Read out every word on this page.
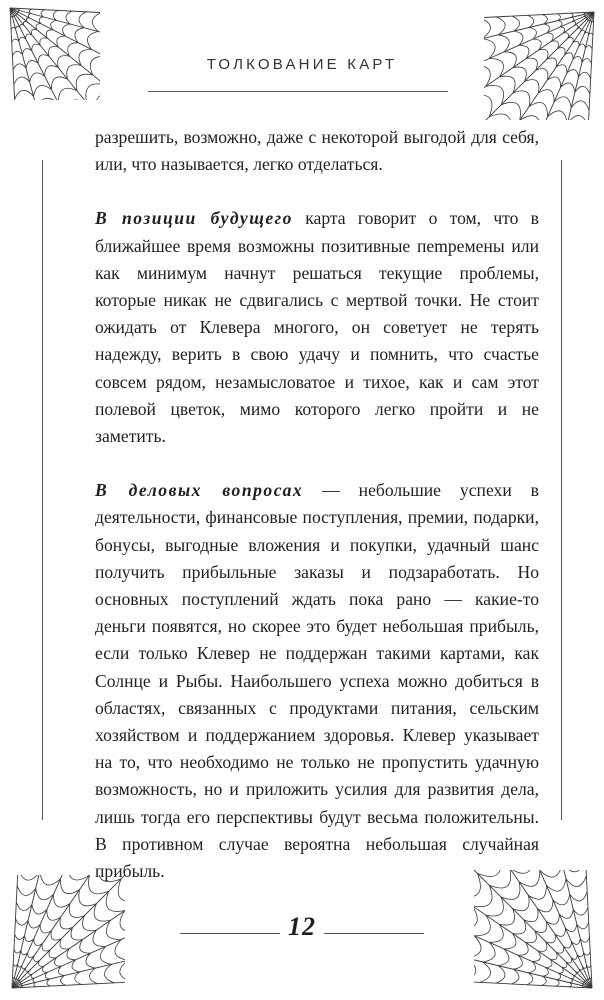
ТОЛКОВАНИЕ КАРТ

разрешить, возможно, даже с некоторой выгодой для себя, или, что называется, легко отделаться.

В позиции будущего карта говорит о том, что в ближайшее время возможны позитивные пеmремены или как минимум начнут решаться текущие проблемы, которые никак не сдвигались с мертвой точки. Не стоит ожидать от Клевера многого, он советует не терять надежду, верить в свою удачу и помнить, что счастье совсем рядом, незамысловатое и тихое, как и сам этот полевой цветок, мимо которого легко пройти и не заметить.

В деловых вопросах — небольшие успехи в деятельности, финансовые поступления, премии, подарки, бонусы, выгодные вложения и покупки, удачный шанс получить прибыльные заказы и подзаработать. Но основных поступлений ждать пока рано — какие-то деньги появятся, но скорее это будет небольшая прибыль, если только Клевер не поддержан такими картами, как Солнце и Рыбы. Наибольшего успеха можно добиться в областях, связанных с продуктами питания, сельским хозяйством и поддержанием здоровья. Клевер указывает на то, что необходимо не только не пропустить удачную возможность, но и приложить усилия для развития дела, лишь тогда его перспективы будут весьма положительны. В противном случае вероятна небольшая случайная прибыль.

12
